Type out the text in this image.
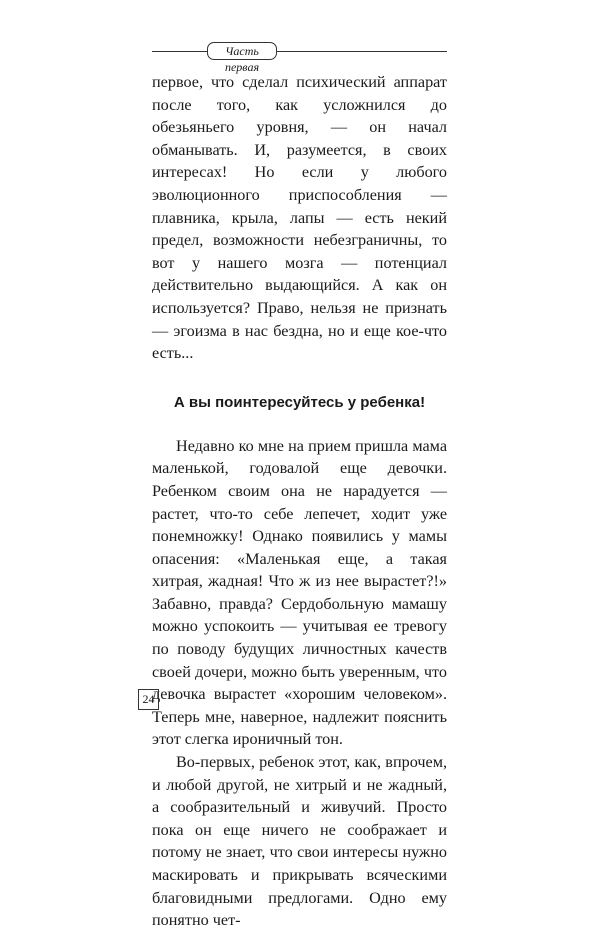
Часть первая

первое, что сделал психический аппарат после того, как усложнился до обезьяньего уровня, — он начал обманывать. И, разумеется, в своих интересах! Но если у любого эволюционного приспособления — плавника, крыла, лапы — есть некий предел, возможности небезграничны, то вот у нашего мозга — потенциал действительно выдающийся. А как он используется? Право, нельзя не признать — эгоизма в нас бездна, но и еще кое-что есть...

А вы поинтересуйтесь у ребенка!

Недавно ко мне на прием пришла мама маленькой, годовалой еще девочки. Ребенком своим она не нарадуется — растет, что-то себе лепечет, ходит уже понемножку! Однако появились у мамы опасения: «Маленькая еще, а такая хитрая, жадная! Что ж из нее вырастет?!» Забавно, правда? Сердобольную мамашу можно успокоить — учитывая ее тревогу по поводу будущих личностных качеств своей дочери, можно быть уверенным, что девочка вырастет «хорошим человеком». Теперь мне, наверное, надлежит пояснить этот слегка ироничный тон.

Во-первых, ребенок этот, как, впрочем, и любой другой, не хитрый и не жадный, а сообразительный и живучий. Просто пока он еще ничего не соображает и потому не знает, что свои интересы нужно маскировать и прикрывать всяческими благовидными предлогами. Одно ему понятно чет-

24
